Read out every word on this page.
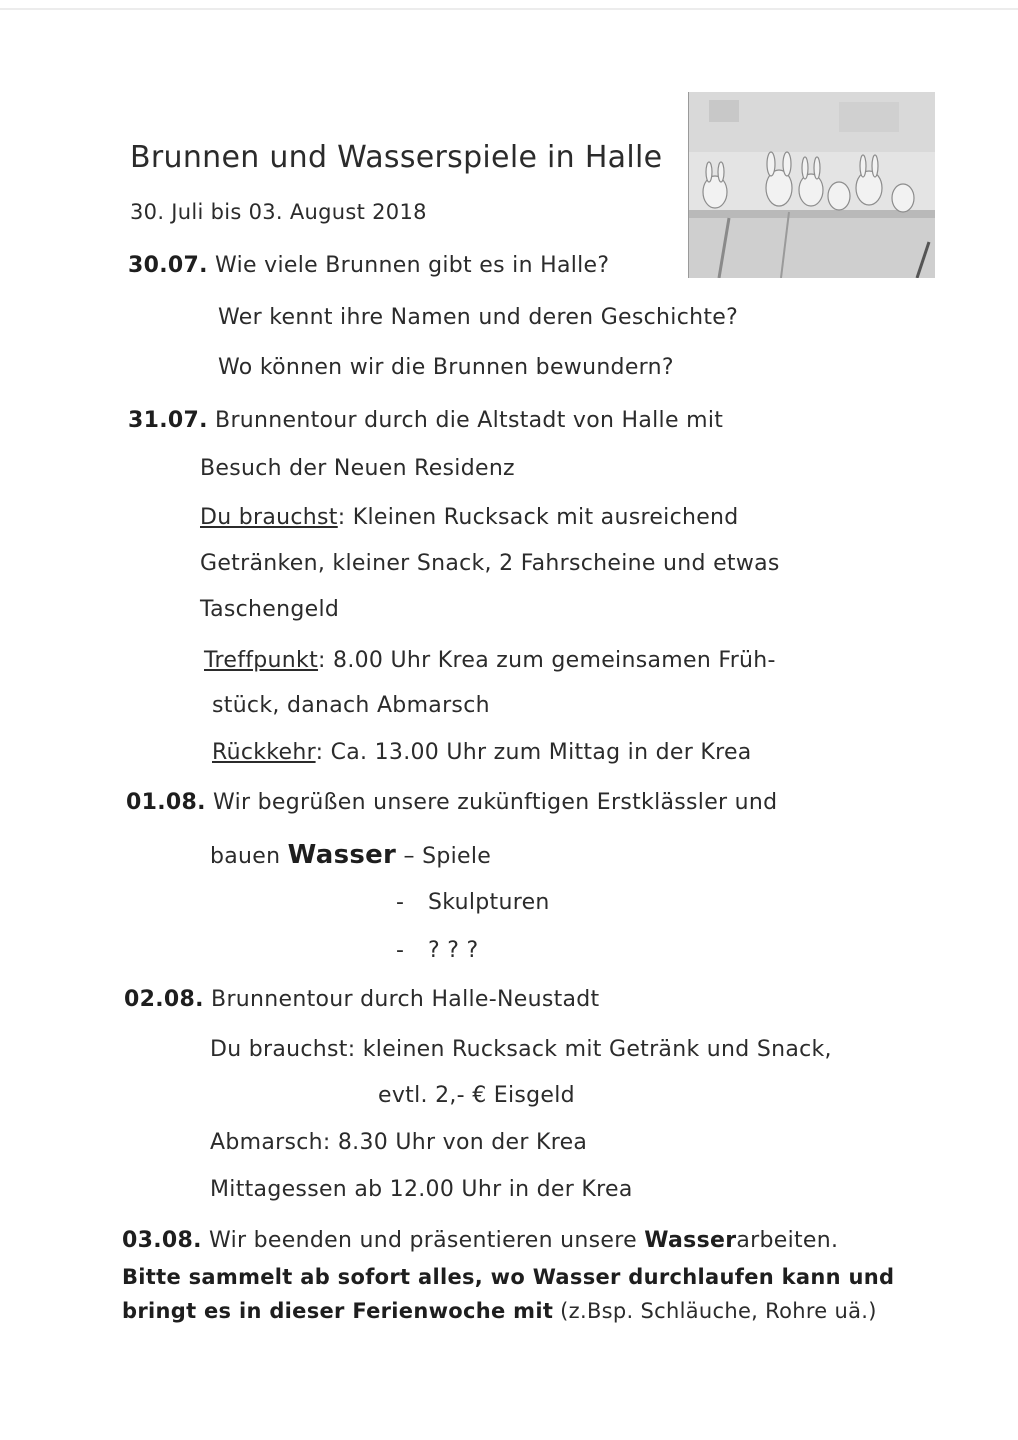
Brunnen und Wasserspiele in Halle
30. Juli bis 03. August 2018
30.07. Wie viele Brunnen gibt es in Halle?
Wer kennt ihre Namen und deren Geschichte?
Wo können wir die Brunnen bewundern?
31.07. Brunnentour durch die Altstadt von Halle mit
Besuch der Neuen Residenz
Du brauchst: Kleinen Rucksack mit ausreichend
Getränken, kleiner Snack, 2 Fahrscheine und etwas
Taschengeld
Treffpunkt: 8.00 Uhr Krea zum gemeinsamen Früh-
stück, danach Abmarsch
Rückkehr: Ca. 13.00 Uhr zum Mittag in der Krea
01.08. Wir begrüßen unsere zukünftigen Erstklässler und
bauen Wasser – Spiele
- Skulpturen
- ? ? ?
02.08. Brunnentour durch Halle-Neustadt
Du brauchst: kleinen Rucksack mit Getränk und Snack,
evtl. 2,- € Eisgeld
Abmarsch: 8.30 Uhr von der Krea
Mittagessen ab 12.00 Uhr in der Krea
03.08. Wir beenden und präsentieren unsere Wasserarbeiten.
Bitte sammelt ab sofort alles, wo Wasser durchlaufen kann und
bringt es in dieser Ferienwoche mit (z.Bsp. Schläuche, Rohre uä.)
